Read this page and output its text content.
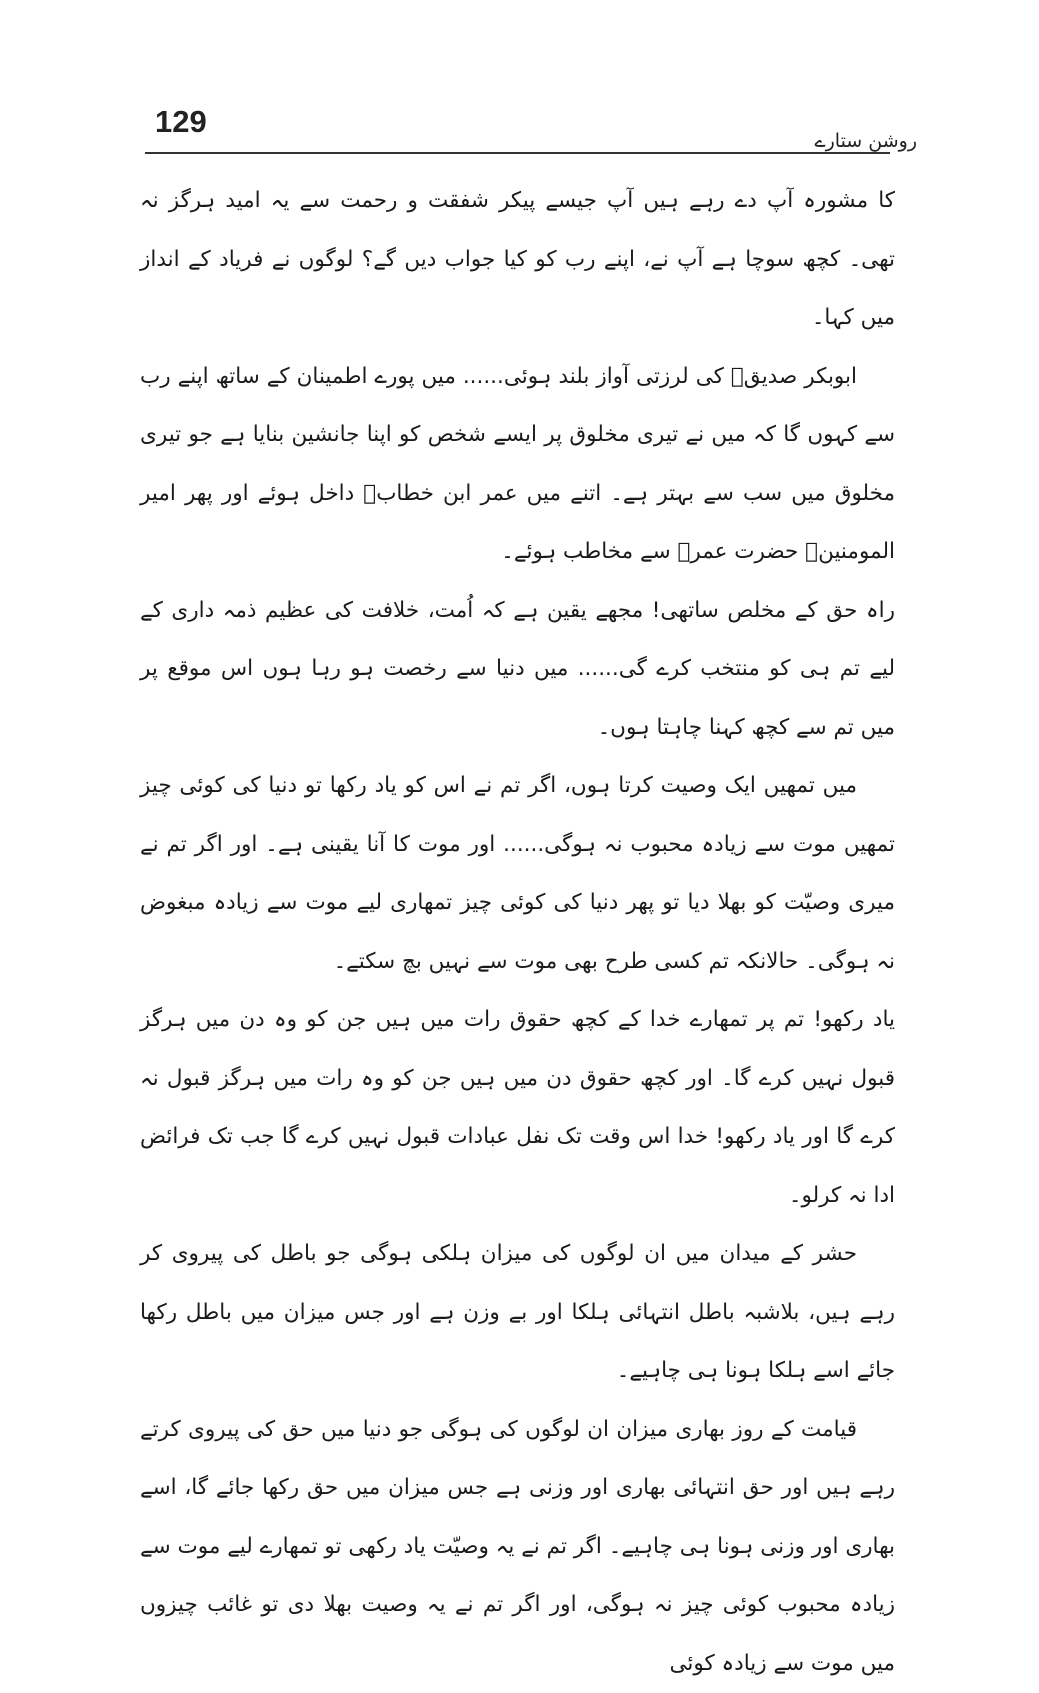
129
روشن ستارے

کا مشورہ آپ دے رہے ہیں آپ جیسے پیکر شفقت و رحمت سے یہ امید ہرگز نہ تھی۔ کچھ سوچا ہے آپ نے، اپنے رب کو کیا جواب دیں گے؟ لوگوں نے فریاد کے انداز میں کہا۔

ابوبکر صدیقؓ کی لرزتی آواز بلند ہوئی...... میں پورے اطمینان کے ساتھ اپنے رب سے کہوں گا کہ میں نے تیری مخلوق پر ایسے شخص کو اپنا جانشین بنایا ہے جو تیری مخلوق میں سب سے بہتر ہے۔ اتنے میں عمر ابن خطابؓ داخل ہوئے اور پھر امیر المومنینؓ حضرت عمرؓ سے مخاطب ہوئے۔

راہ حق کے مخلص ساتھی! مجھے یقین ہے کہ اُمت، خلافت کی عظیم ذمہ داری کے لیے تم ہی کو منتخب کرے گی...... میں دنیا سے رخصت ہو رہا ہوں اس موقع پر میں تم سے کچھ کہنا چاہتا ہوں۔

میں تمھیں ایک وصیت کرتا ہوں، اگر تم نے اس کو یاد رکھا تو دنیا کی کوئی چیز تمھیں موت سے زیادہ محبوب نہ ہوگی...... اور موت کا آنا یقینی ہے۔ اور اگر تم نے میری وصیّت کو بھلا دیا تو پھر دنیا کی کوئی چیز تمھاری لیے موت سے زیادہ مبغوض نہ ہوگی۔ حالانکہ تم کسی طرح بھی موت سے نہیں بچ سکتے۔

یاد رکھو! تم پر تمھارے خدا کے کچھ حقوق رات میں ہیں جن کو وہ دن میں ہرگز قبول نہیں کرے گا۔ اور کچھ حقوق دن میں ہیں جن کو وہ رات میں ہرگز قبول نہ کرے گا اور یاد رکھو! خدا اس وقت تک نفل عبادات قبول نہیں کرے گا جب تک فرائض ادا نہ کرلو۔

حشر کے میدان میں ان لوگوں کی میزان ہلکی ہوگی جو باطل کی پیروی کر رہے ہیں، بلاشبہ باطل انتہائی ہلکا اور بے وزن ہے اور جس میزان میں باطل رکھا جائے اسے ہلکا ہونا ہی چاہیے۔

قیامت کے روز بھاری میزان ان لوگوں کی ہوگی جو دنیا میں حق کی پیروی کرتے رہے ہیں اور حق انتہائی بھاری اور وزنی ہے جس میزان میں حق رکھا جائے گا، اسے بھاری اور وزنی ہونا ہی چاہیے۔ اگر تم نے یہ وصیّت یاد رکھی تو تمھارے لیے موت سے زیادہ محبوب کوئی چیز نہ ہوگی، اور اگر تم نے یہ وصیت بھلا دی تو غائب چیزوں میں موت سے زیادہ کوئی
